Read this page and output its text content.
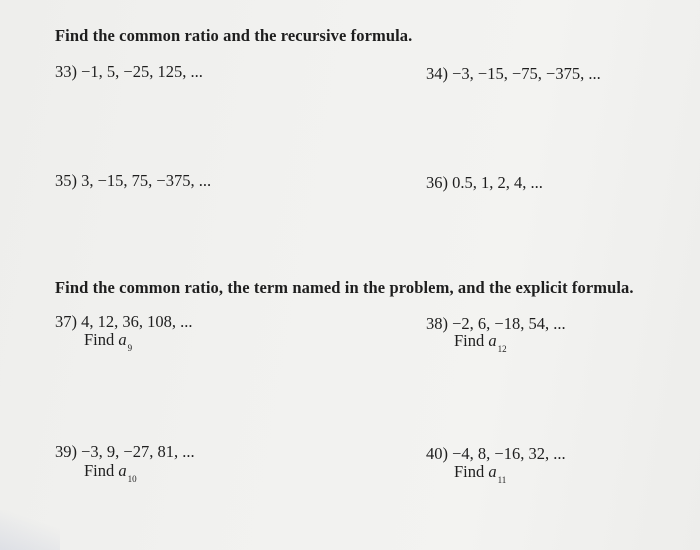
Find the common ratio and the recursive formula.
33) −1, 5, −25, 125, ...	34) −3, −15, −75, −375, ...
35) 3, −15, 75, −375, ...	36) 0.5, 1, 2, 4, ...
Find the common ratio, the term named in the problem, and the explicit formula.
37) 4, 12, 36, 108, ...
Find $a_9$
38) −2, 6, −18, 54, ...
Find $a_{12}$
39) −3, 9, −27, 81, ...
Find $a_{10}$
40) −4, 8, −16, 32, ...
Find $a_{11}$
